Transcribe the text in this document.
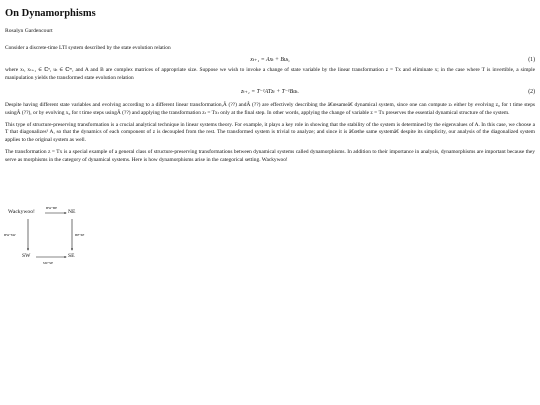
On Dynamorphisms
Rosalyn Gardencourt

Consider a discrete-time LTI system described by the state evolution relation

xₜ₊₁ = Axₜ + Buₜ,	(1)

where xₜ, xₜ₊₁ ∈ ℂⁿ, uₜ ∈ ℂᵐ, and A and B are complex matrices of appropriate size. Suppose we wish to invoke a change of state variable by the linear transformation z = Tx and eliminate x; in the case where T is invertible, a simple manipulation yields the transformed state evolution relation

zₜ₊₁ = T⁻¹ATzₜ + T⁻¹Buₜ.	(2)

Despite having different state variables and evolving according to a different linear transformation,Â (??) andÂ (??) are effectively describing the â€œsameâ€ dynamical system, since one can compute zₜ either by evolving z₀ for t time steps usingÂ (??), or by evolving x₀ for t time steps usingÂ (??) and applying the transformation zₜ = Txₜ only at the final step. In other words, applying the change of variable z = Tx preserves the essential dynamical structure of the system.

This type of structure-preserving transformation is a crucial analytical technique in linear systems theory. For example, it plays a key role in showing that the stability of the system is determined by the eigenvalues of A. In this case, we choose a T that diagonalizes¹ A, so that the dynamics of each component of z is decoupled from the rest. The transformed system is trivial to analyze; and since it is â€œthe same systemâ€ despite its simplicity, our analysis of the diagonalized system applies to the original system as well.

The transformation z = Tx is a special example of a general class of structure-preserving transformations between dynamical systems called dynamorphisms. In addition to their importance in analysis, dynamorphisms are important because they serve as morphisms in the category of dynamical systems. Here is how dynamorphisms arise in the categorical setting. Wackywoo!

Wackywoo!	NE
SW	SE
nw-ne
nw-sw	ne-se
sw-se
